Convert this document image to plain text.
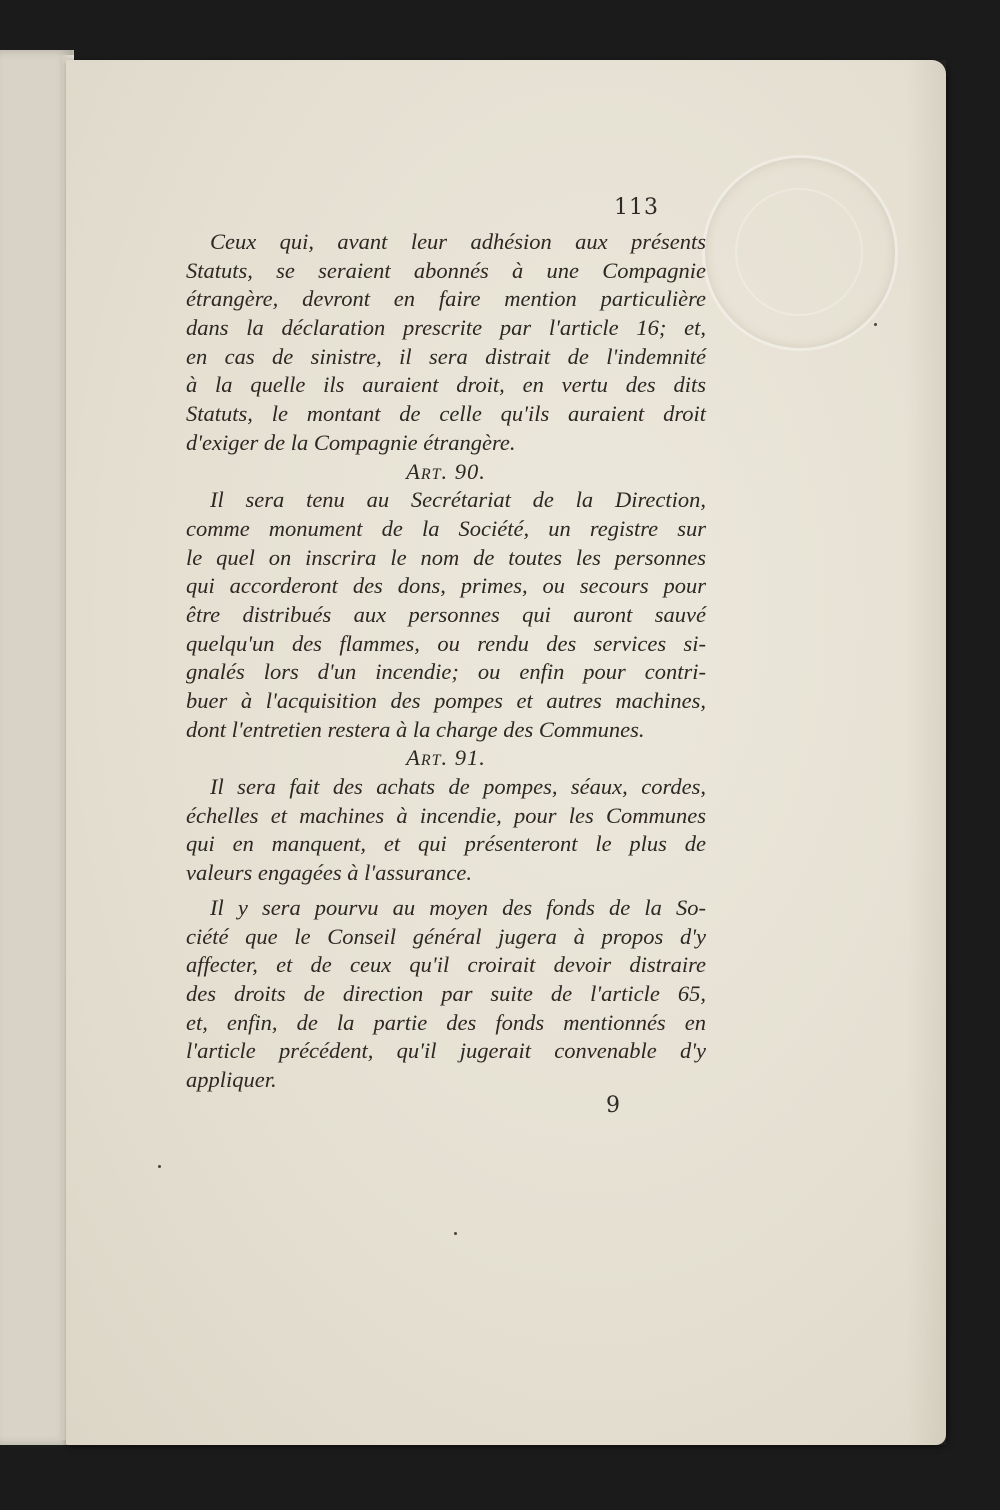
113
Ceux qui, avant leur adhésion aux présents
Statuts, se seraient abonnés à une Compagnie
étrangère, devront en faire mention particulière
dans la déclaration prescrite par l'article 16; et,
en cas de sinistre, il sera distrait de l'indemnité
à la quelle ils auraient droit, en vertu des dits
Statuts, le montant de celle qu'ils auraient droit
d'exiger de la Compagnie étrangère.
Art. 90.
Il sera tenu au Secrétariat de la Direction,
comme monument de la Société, un registre sur
le quel on inscrira le nom de toutes les personnes
qui accorderont des dons, primes, ou secours pour
être distribués aux personnes qui auront sauvé
quelqu'un des flammes, ou rendu des services si-
gnalés lors d'un incendie; ou enfin pour contri-
buer à l'acquisition des pompes et autres machines,
dont l'entretien restera à la charge des Communes.
Art. 91.
Il sera fait des achats de pompes, séaux, cordes,
échelles et machines à incendie, pour les Communes
qui en manquent, et qui présenteront le plus de
valeurs engagées à l'assurance.
Il y sera pourvu au moyen des fonds de la So-
ciété que le Conseil général jugera à propos d'y
affecter, et de ceux qu'il croirait devoir distraire
des droits de direction par suite de l'article 65,
et, enfin, de la partie des fonds mentionnés en
l'article précédent, qu'il jugerait convenable d'y
appliquer.
9
